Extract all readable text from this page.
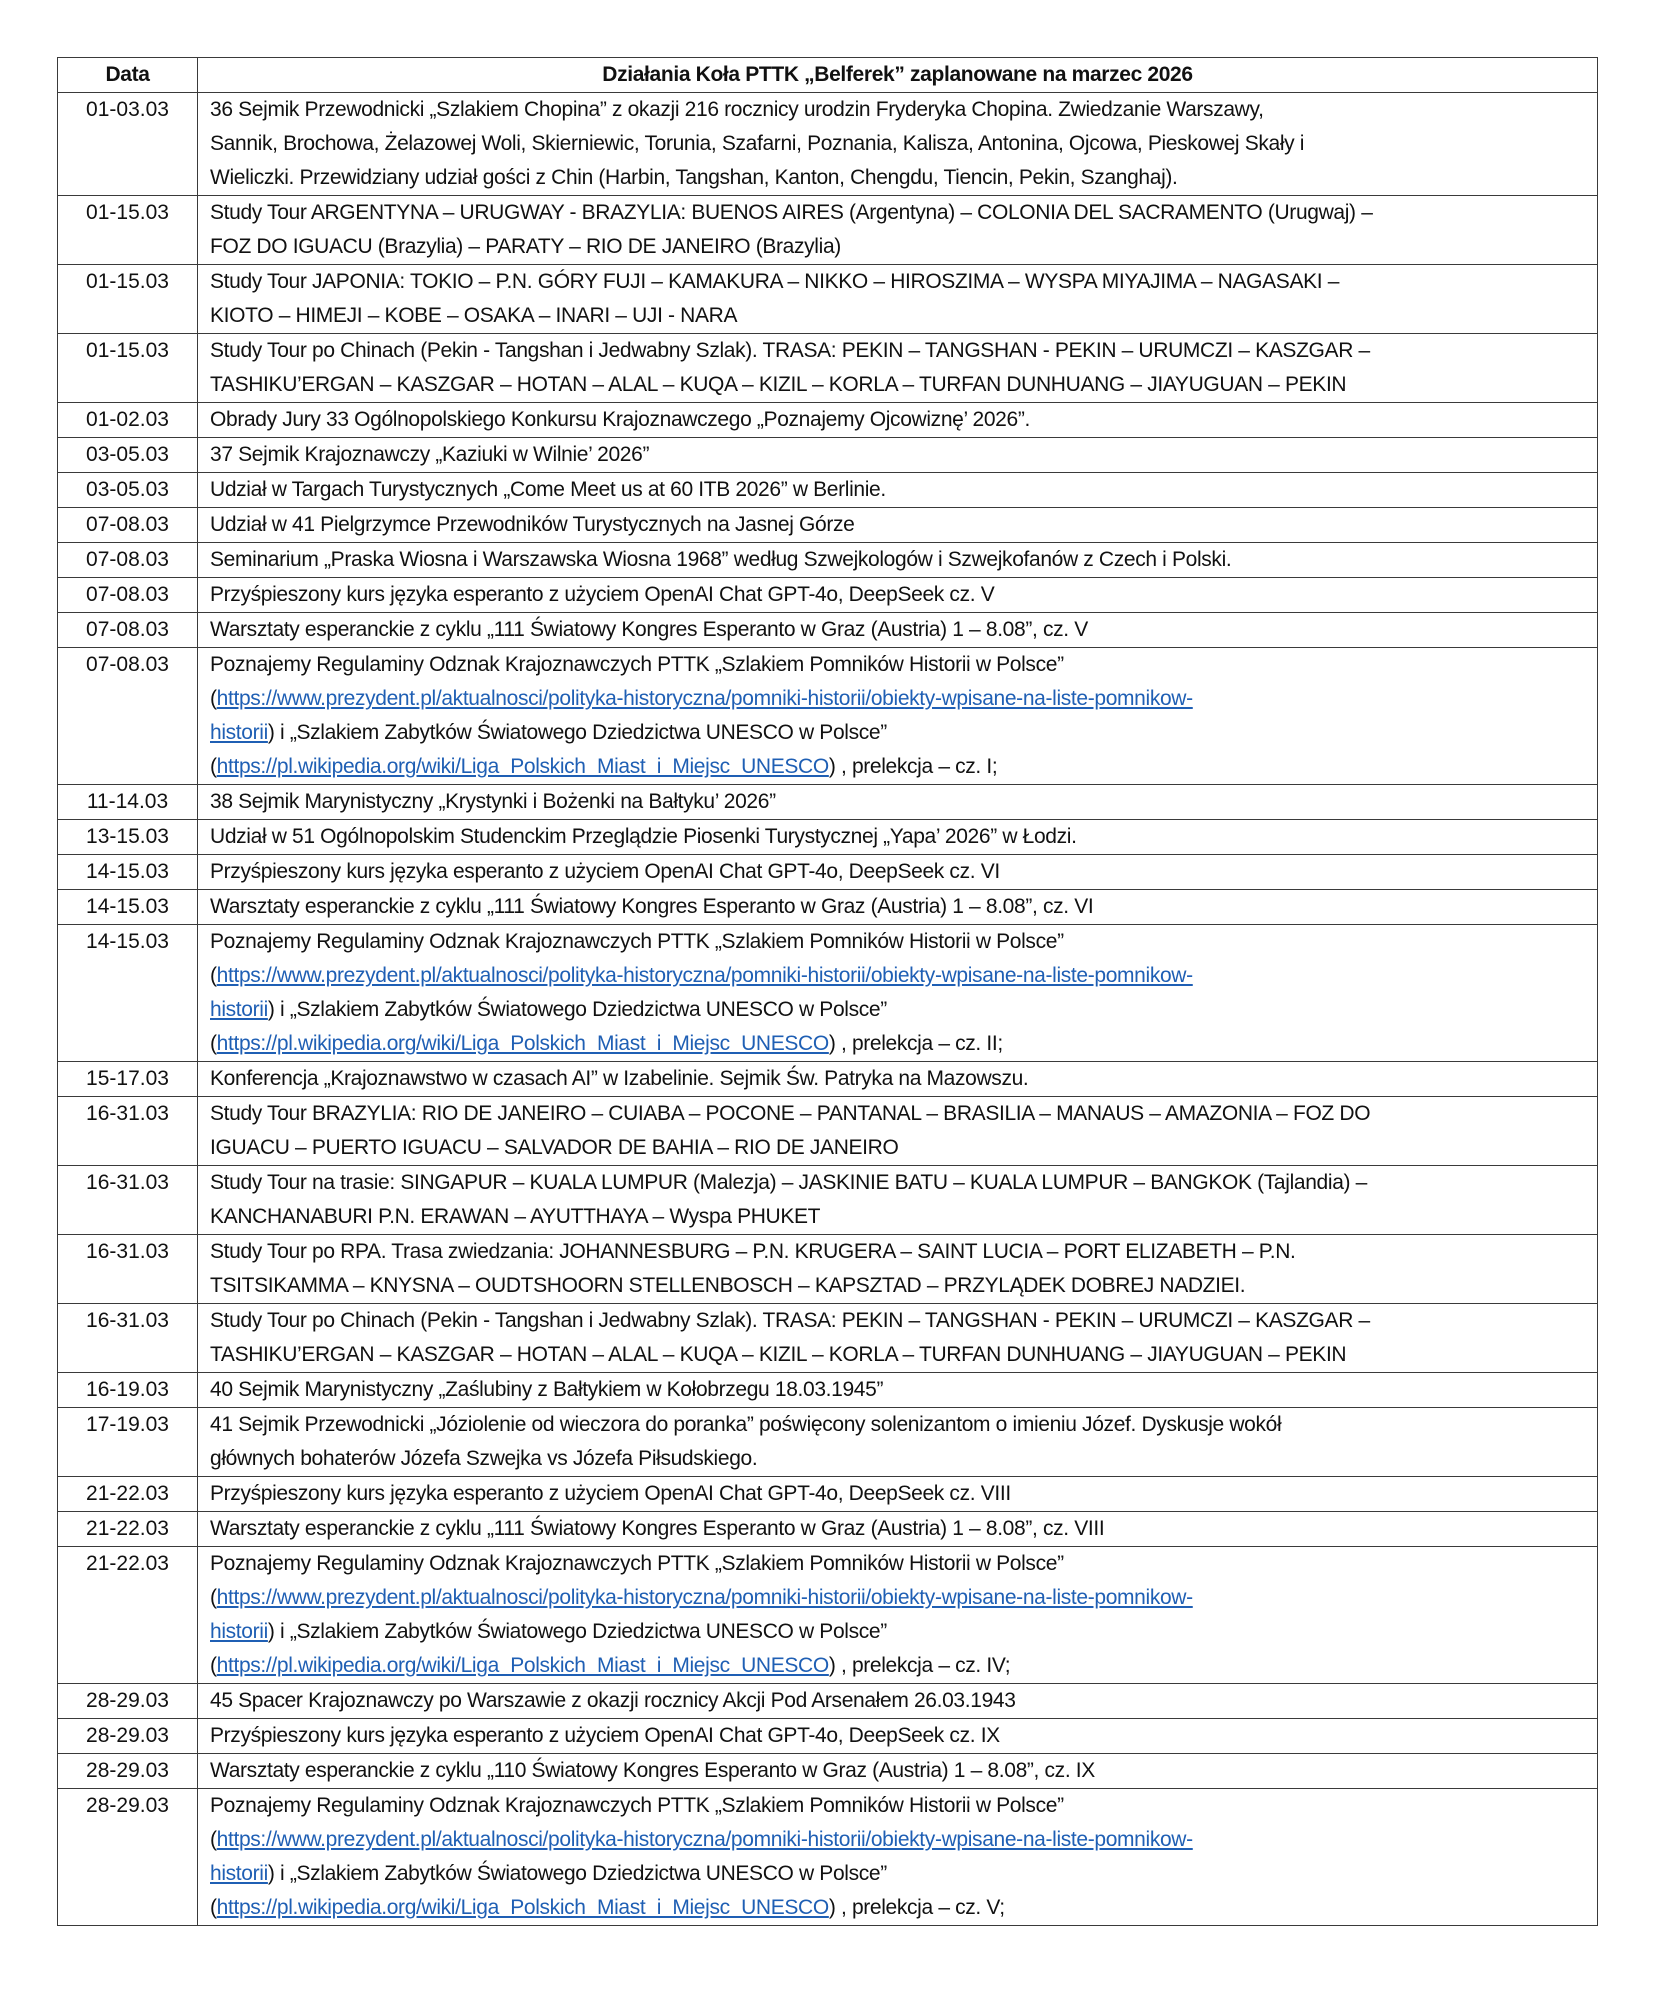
Data	Działania Koła PTTK „Belferek” zaplanowane na marzec 2026
01-03.03	36 Sejmik Przewodnicki „Szlakiem Chopina” z okazji 216 rocznicy urodzin Fryderyka Chopina. Zwiedzanie Warszawy,
Sannik, Brochowa, Żelazowej Woli, Skierniewic, Torunia, Szafarni, Poznania, Kalisza, Antonina, Ojcowa, Pieskowej Skały i
Wieliczki. Przewidziany udział gości z Chin (Harbin, Tangshan, Kanton, Chengdu, Tiencin, Pekin, Szanghaj).

01-15.03	Study Tour ARGENTYNA – URUGWAY - BRAZYLIA: BUENOS AIRES (Argentyna) – COLONIA DEL SACRAMENTO (Urugwaj) –
FOZ DO IGUACU (Brazylia) – PARATY – RIO DE JANEIRO (Brazylia)

01-15.03	Study Tour JAPONIA: TOKIO – P.N. GÓRY FUJI – KAMAKURA – NIKKO – HIROSZIMA – WYSPA MIYAJIMA – NAGASAKI –
KIOTO – HIMEJI – KOBE – OSAKA – INARI – UJI - NARA

01-15.03	Study Tour po Chinach (Pekin - Tangshan i Jedwabny Szlak). TRASA: PEKIN – TANGSHAN - PEKIN – URUMCZI – KASZGAR –
TASHIKU’ERGAN – KASZGAR – HOTAN – ALAL – KUQA – KIZIL – KORLA – TURFAN DUNHUANG – JIAYUGUAN – PEKIN

01-02.03	Obrady Jury 33 Ogólnopolskiego Konkursu Krajoznawczego „Poznajemy Ojcowiznę’ 2026”.

03-05.03	37 Sejmik Krajoznawczy „Kaziuki w Wilnie’ 2026”

03-05.03	Udział w Targach Turystycznych „Come Meet us at 60 ITB 2026” w Berlinie.

07-08.03	Udział w 41 Pielgrzymce Przewodników Turystycznych na Jasnej Górze

07-08.03	Seminarium „Praska Wiosna i Warszawska Wiosna 1968” według Szwejkologów i Szwejkofanów z Czech i Polski.

07-08.03	Przyśpieszony kurs języka esperanto z użyciem OpenAI Chat GPT-4o, DeepSeek cz. V

07-08.03	Warsztaty esperanckie z cyklu „111 Światowy Kongres Esperanto w Graz (Austria) 1 – 8.08”, cz. V

07-08.03	Poznajemy Regulaminy Odznak Krajoznawczych PTTK „Szlakiem Pomników Historii w Polsce”
(https://www.prezydent.pl/aktualnosci/polityka-historyczna/pomniki-historii/obiekty-wpisane-na-liste-pomnikow-
historii) i „Szlakiem Zabytków Światowego Dziedzictwa UNESCO w Polsce”
(https://pl.wikipedia.org/wiki/Liga_Polskich_Miast_i_Miejsc_UNESCO) , prelekcja – cz. I;

11-14.03	38 Sejmik Marynistyczny „Krystynki i Bożenki na Bałtyku’ 2026”

13-15.03	Udział w 51 Ogólnopolskim Studenckim Przeglądzie Piosenki Turystycznej „Yapa’ 2026” w Łodzi.

14-15.03	Przyśpieszony kurs języka esperanto z użyciem OpenAI Chat GPT-4o, DeepSeek cz. VI

14-15.03	Warsztaty esperanckie z cyklu „111 Światowy Kongres Esperanto w Graz (Austria) 1 – 8.08”, cz. VI

14-15.03	Poznajemy Regulaminy Odznak Krajoznawczych PTTK „Szlakiem Pomników Historii w Polsce”
(https://www.prezydent.pl/aktualnosci/polityka-historyczna/pomniki-historii/obiekty-wpisane-na-liste-pomnikow-
historii) i „Szlakiem Zabytków Światowego Dziedzictwa UNESCO w Polsce”
(https://pl.wikipedia.org/wiki/Liga_Polskich_Miast_i_Miejsc_UNESCO) , prelekcja – cz. II;

15-17.03	Konferencja „Krajoznawstwo w czasach AI” w Izabelinie. Sejmik Św. Patryka na Mazowszu.

16-31.03	Study Tour BRAZYLIA: RIO DE JANEIRO – CUIABA – POCONE – PANTANAL – BRASILIA – MANAUS – AMAZONIA – FOZ DO
IGUACU – PUERTO IGUACU – SALVADOR DE BAHIA – RIO DE JANEIRO

16-31.03	Study Tour na trasie: SINGAPUR – KUALA LUMPUR (Malezja) – JASKINIE BATU – KUALA LUMPUR – BANGKOK (Tajlandia) –
KANCHANABURI P.N. ERAWAN – AYUTTHAYA – Wyspa PHUKET

16-31.03	Study Tour po RPA. Trasa zwiedzania: JOHANNESBURG – P.N. KRUGERA – SAINT LUCIA – PORT ELIZABETH – P.N.
TSITSIKAMMA – KNYSNA – OUDTSHOORN STELLENBOSCH – KAPSZTAD – PRZYLĄDEK DOBREJ NADZIEI.

16-31.03	Study Tour po Chinach (Pekin - Tangshan i Jedwabny Szlak). TRASA: PEKIN – TANGSHAN - PEKIN – URUMCZI – KASZGAR –
TASHIKU’ERGAN – KASZGAR – HOTAN – ALAL – KUQA – KIZIL – KORLA – TURFAN DUNHUANG – JIAYUGUAN – PEKIN

16-19.03	40 Sejmik Marynistyczny „Zaślubiny z Bałtykiem w Kołobrzegu 18.03.1945”

17-19.03	41 Sejmik Przewodnicki „Józiolenie od wieczora do poranka” poświęcony solenizantom o imieniu Józef. Dyskusje wokół
głównych bohaterów Józefa Szwejka vs Józefa Piłsudskiego.

21-22.03	Przyśpieszony kurs języka esperanto z użyciem OpenAI Chat GPT-4o, DeepSeek cz. VIII

21-22.03	Warsztaty esperanckie z cyklu „111 Światowy Kongres Esperanto w Graz (Austria) 1 – 8.08”, cz. VIII

21-22.03	Poznajemy Regulaminy Odznak Krajoznawczych PTTK „Szlakiem Pomników Historii w Polsce”
(https://www.prezydent.pl/aktualnosci/polityka-historyczna/pomniki-historii/obiekty-wpisane-na-liste-pomnikow-
historii) i „Szlakiem Zabytków Światowego Dziedzictwa UNESCO w Polsce”
(https://pl.wikipedia.org/wiki/Liga_Polskich_Miast_i_Miejsc_UNESCO) , prelekcja – cz. IV;

28-29.03	45 Spacer Krajoznawczy po Warszawie z okazji rocznicy Akcji Pod Arsenałem 26.03.1943

28-29.03	Przyśpieszony kurs języka esperanto z użyciem OpenAI Chat GPT-4o, DeepSeek cz. IX

28-29.03	Warsztaty esperanckie z cyklu „110 Światowy Kongres Esperanto w Graz (Austria) 1 – 8.08”, cz. IX

28-29.03	Poznajemy Regulaminy Odznak Krajoznawczych PTTK „Szlakiem Pomników Historii w Polsce”
(https://www.prezydent.pl/aktualnosci/polityka-historyczna/pomniki-historii/obiekty-wpisane-na-liste-pomnikow-
historii) i „Szlakiem Zabytków Światowego Dziedzictwa UNESCO w Polsce”
(https://pl.wikipedia.org/wiki/Liga_Polskich_Miast_i_Miejsc_UNESCO) , prelekcja – cz. V;
